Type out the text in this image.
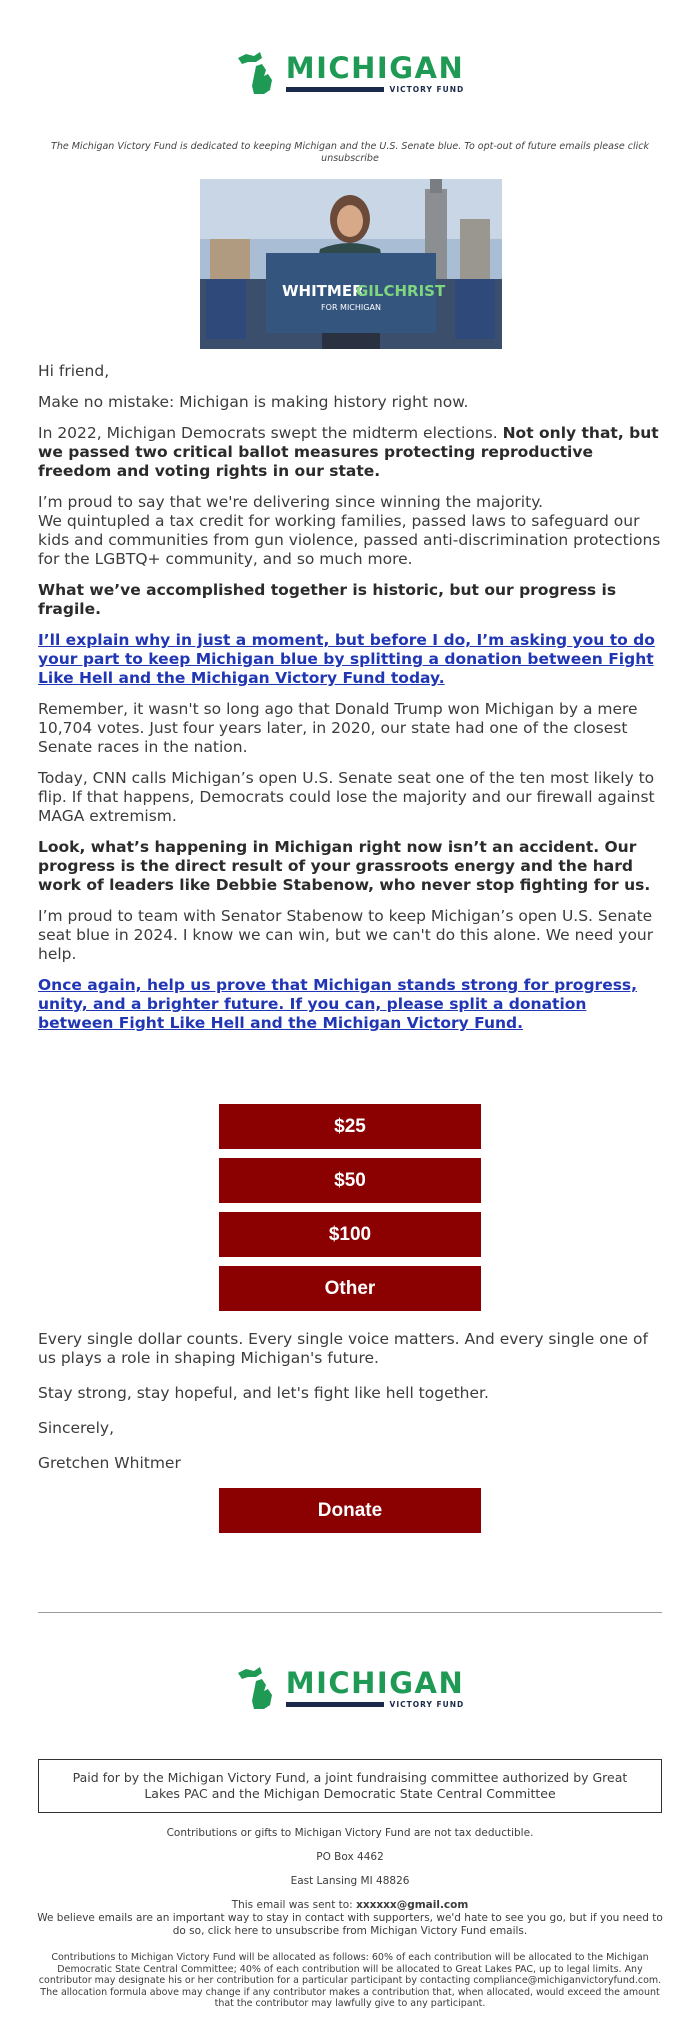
MICHIGAN
VICTORY FUND
The Michigan Victory Fund is dedicated to keeping Michigan and the U.S. Senate blue. To opt-out of future emails please click unsubscribe
WHITMER
GILCHRIST
FOR MICHIGAN

Hi friend,

Make no mistake: Michigan is making history right now.

In 2022, Michigan Democrats swept the midterm elections. Not only that, but we passed two critical ballot measures protecting reproductive freedom and voting rights in our state.

I’m proud to say that we're delivering since winning the majority.
We quintupled a tax credit for working families, passed laws to safeguard our kids and communities from gun violence, passed anti-discrimination protections for the LGBTQ+ community, and so much more.

What we’ve accomplished together is historic, but our progress is fragile.

I’ll explain why in just a moment, but before I do, I’m asking you to do your part to keep Michigan blue by splitting a donation between Fight Like Hell and the Michigan Victory Fund today.

Remember, it wasn't so long ago that Donald Trump won Michigan by a mere 10,704 votes. Just four years later, in 2020, our state had one of the closest Senate races in the nation.

Today, CNN calls Michigan’s open U.S. Senate seat one of the ten most likely to flip. If that happens, Democrats could lose the majority and our firewall against MAGA extremism.

Look, what’s happening in Michigan right now isn’t an accident. Our progress is the direct result of your grassroots energy and the hard work of leaders like Debbie Stabenow, who never stop fighting for us.

I’m proud to team with Senator Stabenow to keep Michigan’s open U.S. Senate seat blue in 2024. I know we can win, but we can't do this alone. We need your help.

Once again, help us prove that Michigan stands strong for progress, unity, and a brighter future. If you can, please split a donation between Fight Like Hell and the Michigan Victory Fund.

$25
$50
$100
Other

Every single dollar counts. Every single voice matters. And every single one of us plays a role in shaping Michigan's future.

Stay strong, stay hopeful, and let's fight like hell together.

Sincerely,

Gretchen Whitmer

Donate
MICHIGAN
VICTORY FUND
Paid for by the Michigan Victory Fund, a joint fundraising committee authorized by Great Lakes PAC and the Michigan Democratic State Central Committee
Contributions or gifts to Michigan Victory Fund are not tax deductible.
PO Box 4462
East Lansing MI 48826
This email was sent to: xxxxxx@gmail.com
We believe emails are an important way to stay in contact with supporters, we'd hate to see you go, but if you need to do so, click here to unsubscribe from Michigan Victory Fund emails.
Contributions to Michigan Victory Fund will be allocated as follows: 60% of each contribution will be allocated to the Michigan Democratic State Central Committee; 40% of each contribution will be allocated to Great Lakes PAC, up to legal limits. Any contributor may designate his or her contribution for a particular participant by contacting compliance@michiganvictoryfund.com. The allocation formula above may change if any contributor makes a contribution that, when allocated, would exceed the amount that the contributor may lawfully give to any participant.
